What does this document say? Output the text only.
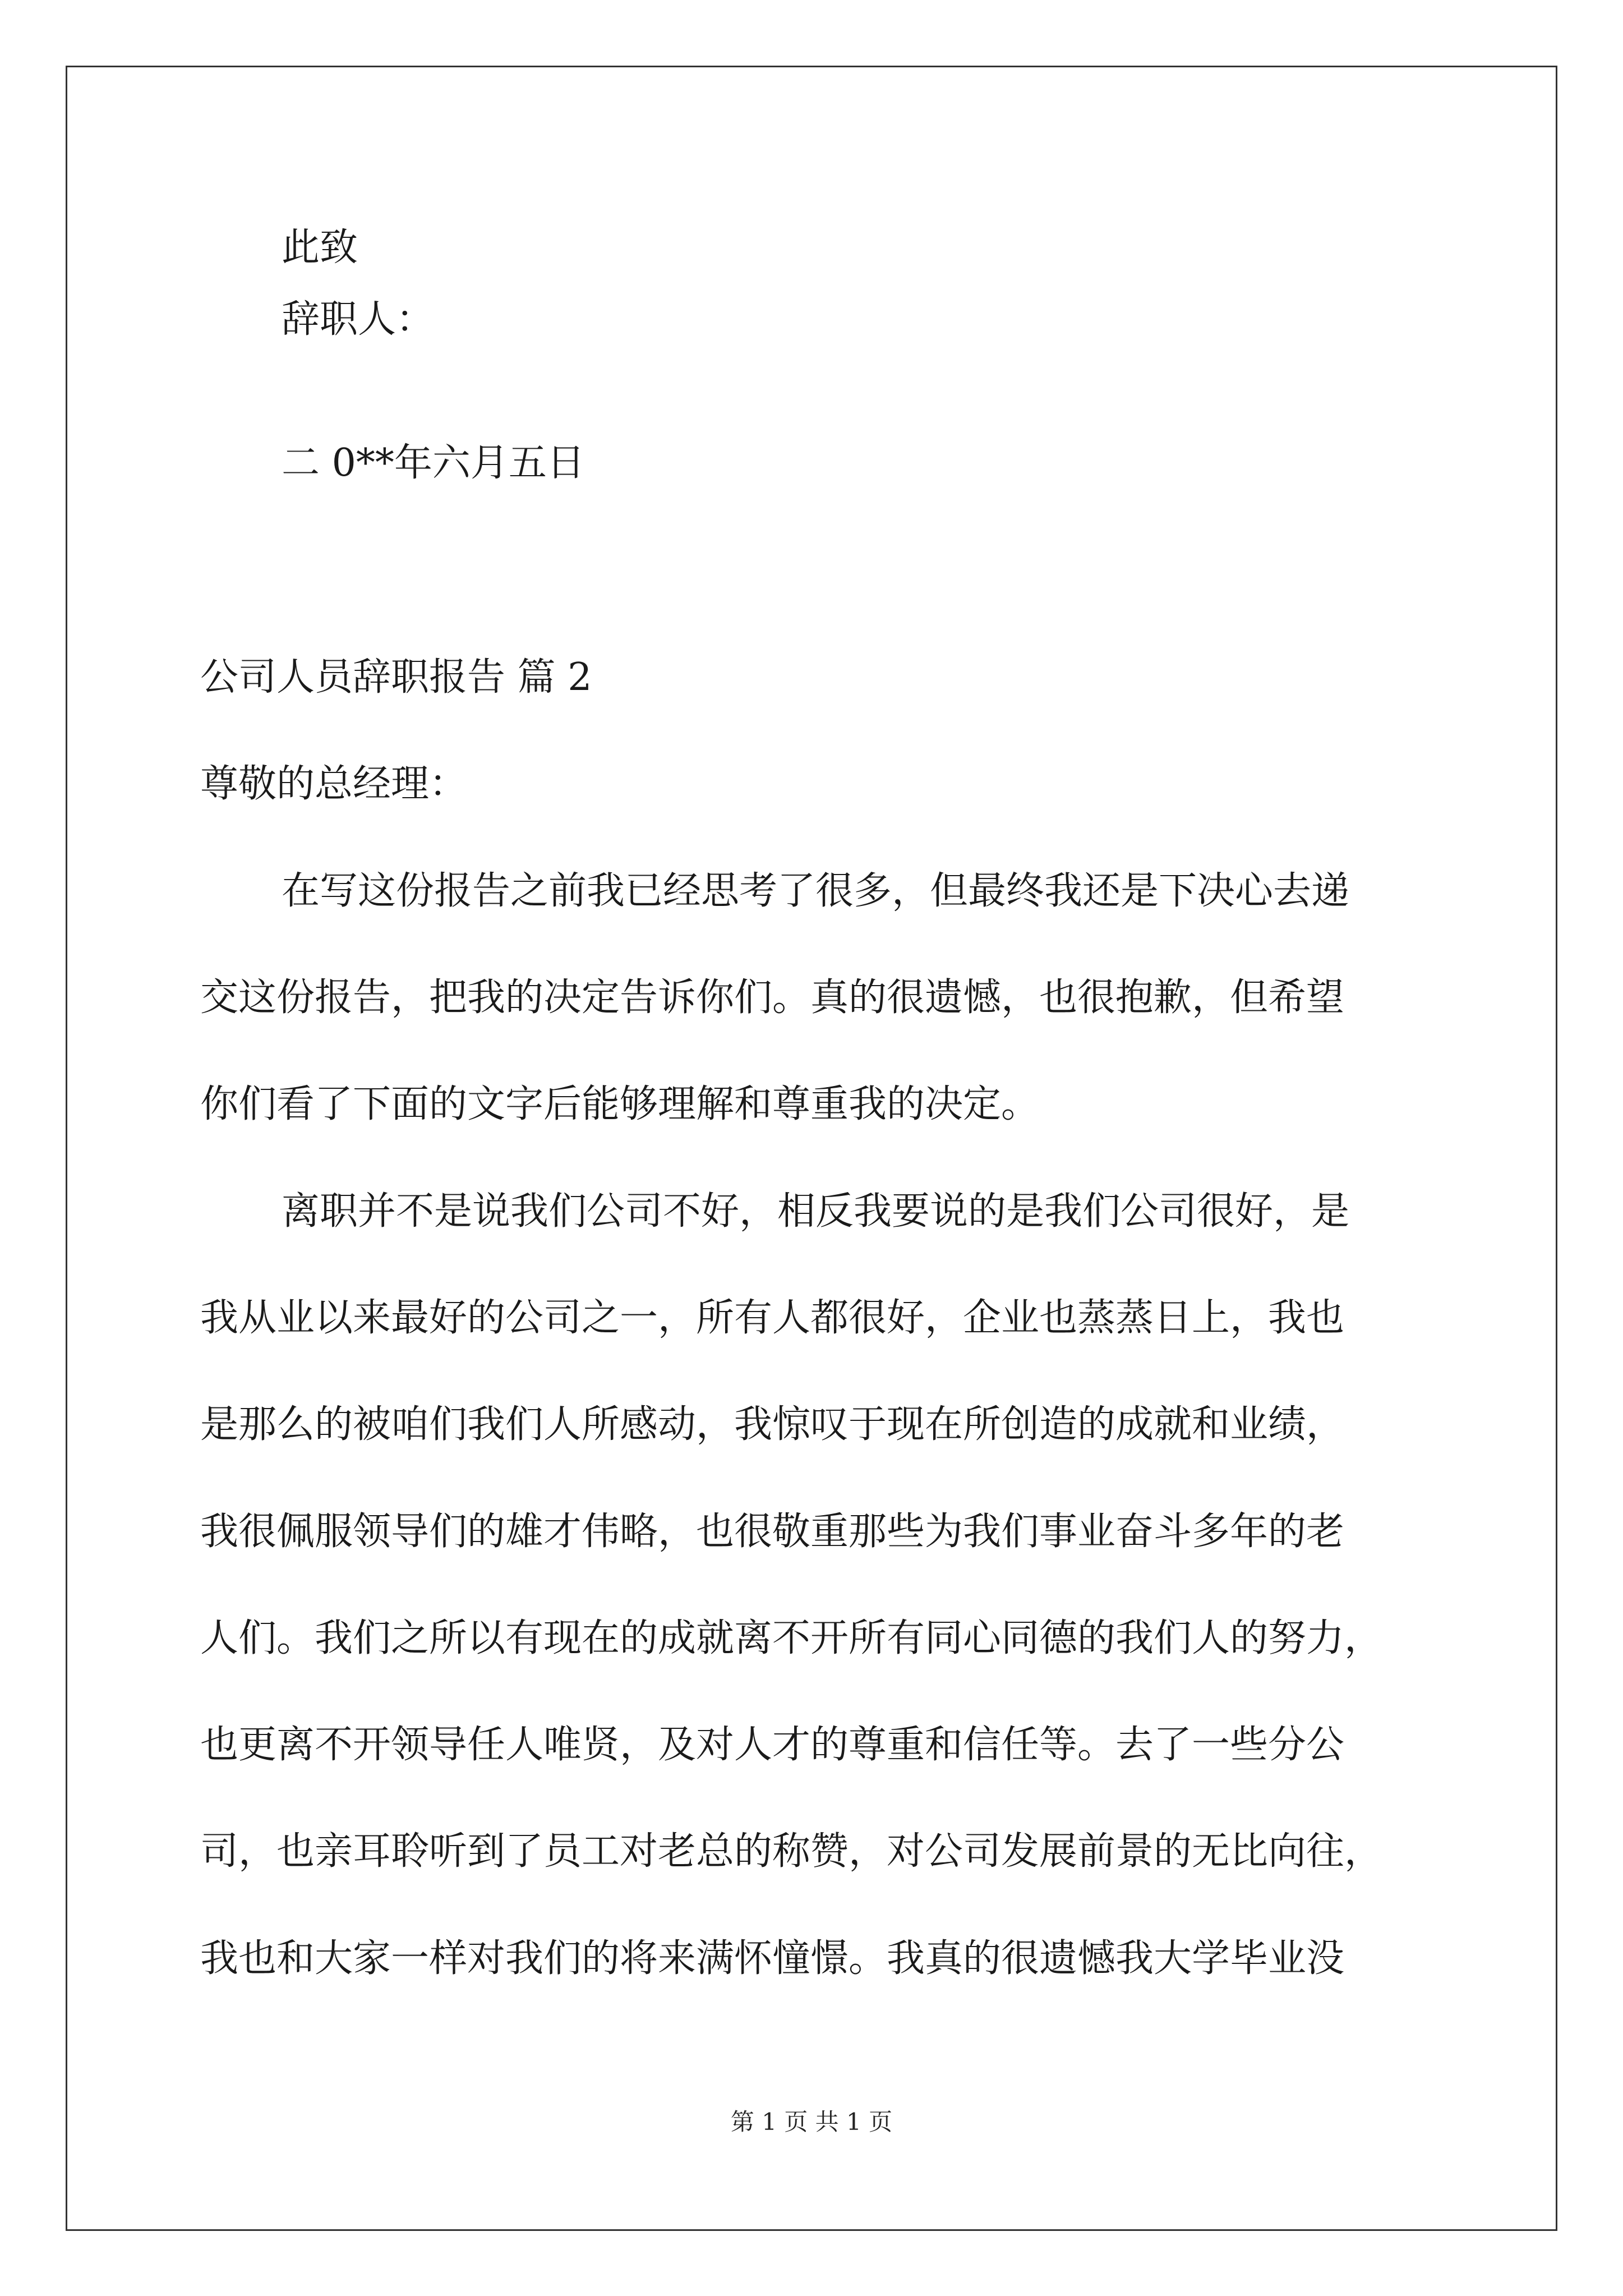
此致
辞职人：
二 0**年六月五日
公司人员辞职报告 篇 2
尊敬的总经理：
在写这份报告之前我已经思考了很多，但最终我还是下决心去递
交这份报告，把我的决定告诉你们。真的很遗憾，也很抱歉，但希望
你们看了下面的文字后能够理解和尊重我的决定。
离职并不是说我们公司不好，相反我要说的是我们公司很好，是
我从业以来最好的公司之一，所有人都很好，企业也蒸蒸日上，我也
是那么的被咱们我们人所感动，我惊叹于现在所创造的成就和业绩，
我很佩服领导们的雄才伟略，也很敬重那些为我们事业奋斗多年的老
人们。我们之所以有现在的成就离不开所有同心同德的我们人的努力，
也更离不开领导任人唯贤，及对人才的尊重和信任等。去了一些分公
司，也亲耳聆听到了员工对老总的称赞，对公司发展前景的无比向往，
我也和大家一样对我们的将来满怀憧憬。我真的很遗憾我大学毕业没
第 1 页 共 1 页
